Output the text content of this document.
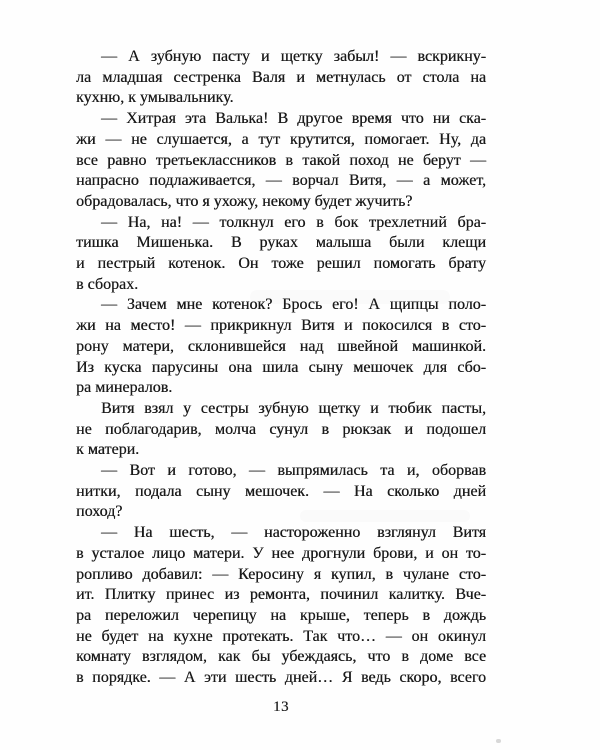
— А зубную пасту и щетку забыл! — вскрикну-
ла младшая сестренка Валя и метнулась от стола на
кухню, к умывальнику.
— Хитрая эта Валька! В другое время что ни ска-
жи — не слушается, а тут крутится, помогает. Ну, да
все равно третьеклассников в такой поход не берут —
напрасно подлаживается, — ворчал Витя, — а может,
обрадовалась, что я ухожу, некому будет жучить?
— На, на! — толкнул его в бок трехлетний бра-
тишка Мишенька. В руках малыша были клещи
и пестрый котенок. Он тоже решил помогать брату
в сборах.
— Зачем мне котенок? Брось его! А щипцы поло-
жи на место! — прикрикнул Витя и покосился в сто-
рону матери, склонившейся над швейной машинкой.
Из куска парусины она шила сыну мешочек для сбо-
ра минералов.
Витя взял у сестры зубную щетку и тюбик пасты,
не поблагодарив, молча сунул в рюкзак и подошел
к матери.
— Вот и готово, — выпрямилась та и, оборвав
нитки, подала сыну мешочек. — На сколько дней
поход?
— На шесть, — настороженно взглянул Витя
в усталое лицо матери. У нее дрогнули брови, и он то-
ропливо добавил: — Керосину я купил, в чулане сто-
ит. Плитку принес из ремонта, починил калитку. Вче-
ра переложил черепицу на крыше, теперь в дождь
не будет на кухне протекать. Так что… — он окинул
комнату взглядом, как бы убеждаясь, что в доме все
в порядке. — А эти шесть дней… Я ведь скоро, всего
13
